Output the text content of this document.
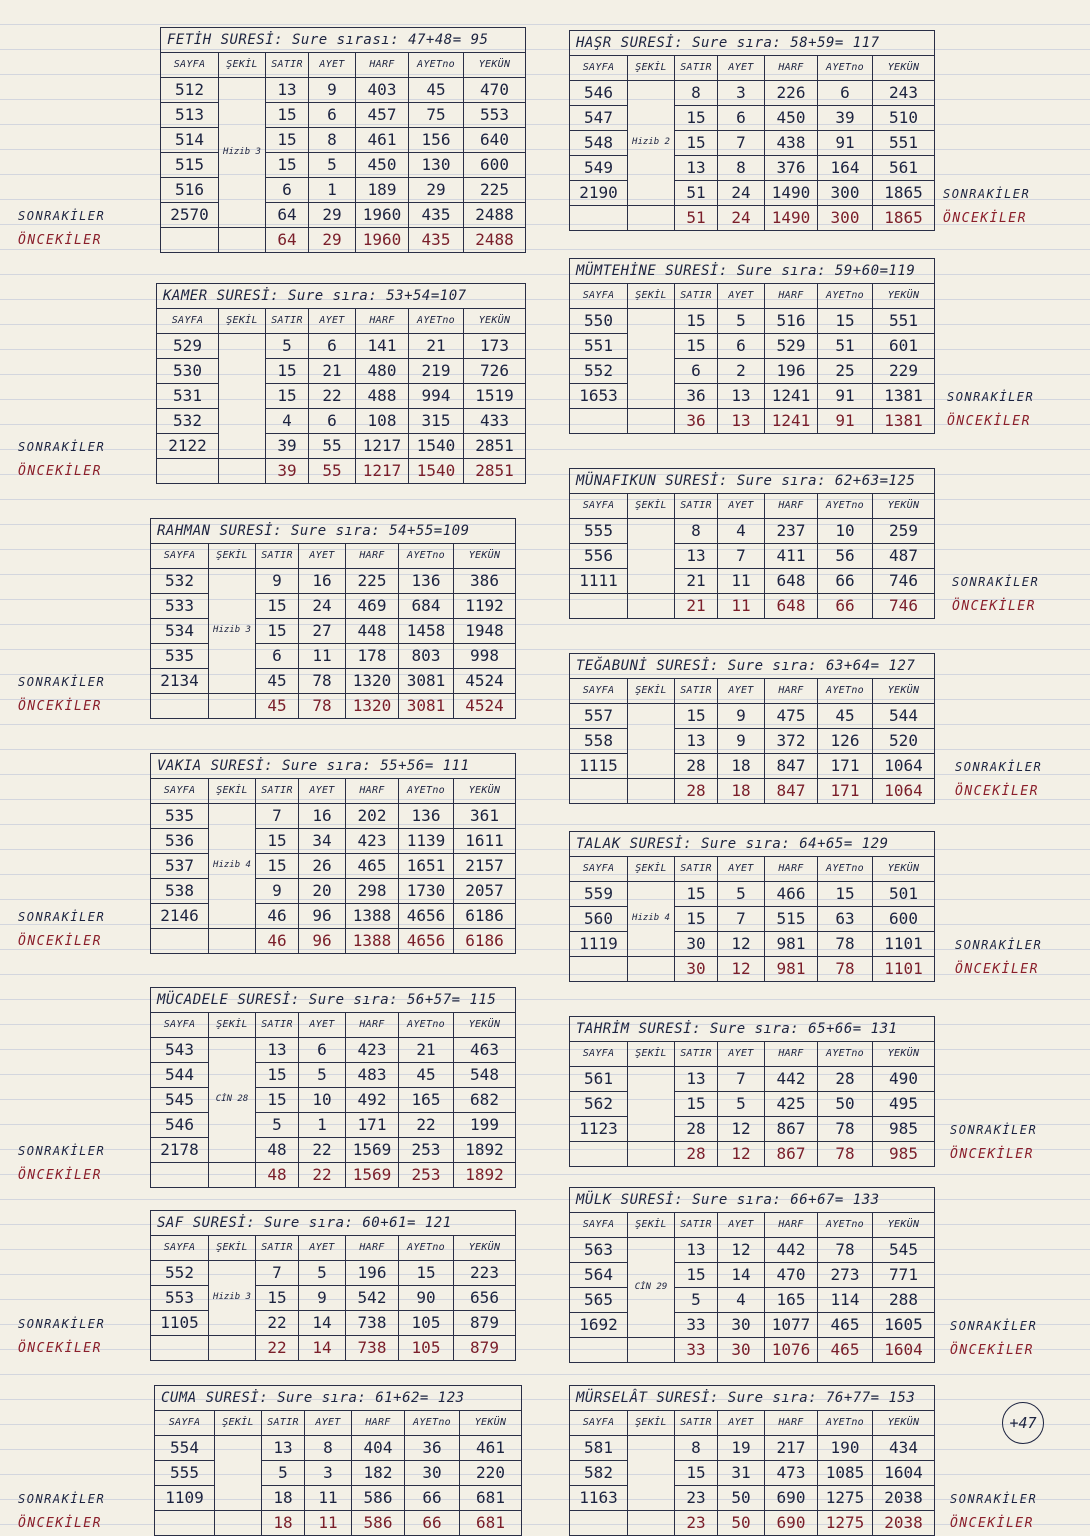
FETİH SURESİ: Sure sırası: 47+48= 95						
SAYFA	ŞEKİL	SATIR	AYET	HARF	AYETno	YEKÜN
512	Hizib 3	13	9	403	45	470
513		15	6	457	75	553
514		15	8	461	156	640
515		15	5	450	130	600
516		6	1	189	29	225
2570		64	29	1960	435	2488
		64	29	1960	435	2488
SONRAKİLER
ÖNCEKİLER
KAMER SURESİ: Sure sıra: 53+54=107						
SAYFA	ŞEKİL	SATIR	AYET	HARF	AYETno	YEKÜN
529		5	6	141	21	173
530		15	21	480	219	726
531		15	22	488	994	1519
532		4	6	108	315	433
2122		39	55	1217	1540	2851
		39	55	1217	1540	2851
SONRAKİLER
ÖNCEKİLER
RAHMAN SURESİ: Sure sıra: 54+55=109						
SAYFA	ŞEKİL	SATIR	AYET	HARF	AYETno	YEKÜN
532	Hizib 3	9	16	225	136	386
533		15	24	469	684	1192
534		15	27	448	1458	1948
535		6	11	178	803	998
2134		45	78	1320	3081	4524
		45	78	1320	3081	4524
SONRAKİLER
ÖNCEKİLER
VAKIA SURESİ: Sure sıra: 55+56= 111						
SAYFA	ŞEKİL	SATIR	AYET	HARF	AYETno	YEKÜN
535	Hizib 4	7	16	202	136	361
536		15	34	423	1139	1611
537		15	26	465	1651	2157
538		9	20	298	1730	2057
2146		46	96	1388	4656	6186
		46	96	1388	4656	6186
SONRAKİLER
ÖNCEKİLER
MÜCADELE SURESİ: Sure sıra: 56+57= 115						
SAYFA	ŞEKİL	SATIR	AYET	HARF	AYETno	YEKÜN
543	CİN 28	13	6	423	21	463
544		15	5	483	45	548
545		15	10	492	165	682
546		5	1	171	22	199
2178		48	22	1569	253	1892
		48	22	1569	253	1892
SONRAKİLER
ÖNCEKİLER
SAF SURESİ: Sure sıra: 60+61= 121						
SAYFA	ŞEKİL	SATIR	AYET	HARF	AYETno	YEKÜN
552	Hizib 3	7	5	196	15	223
553		15	9	542	90	656
1105		22	14	738	105	879
		22	14	738	105	879
SONRAKİLER
ÖNCEKİLER
CUMA SURESİ: Sure sıra: 61+62= 123						
SAYFA	ŞEKİL	SATIR	AYET	HARF	AYETno	YEKÜN
554		13	8	404	36	461
555		5	3	182	30	220
1109		18	11	586	66	681
		18	11	586	66	681
SONRAKİLER
ÖNCEKİLER
HAŞR SURESİ: Sure sıra: 58+59= 117						
SAYFA	ŞEKİL	SATIR	AYET	HARF	AYETno	YEKÜN
546	Hizib 2	8	3	226	6	243
547		15	6	450	39	510
548		15	7	438	91	551
549		13	8	376	164	561
2190		51	24	1490	300	1865
		51	24	1490	300	1865
SONRAKİLER
ÖNCEKİLER
MÜMTEHİNE SURESİ: Sure sıra: 59+60=119						
SAYFA	ŞEKİL	SATIR	AYET	HARF	AYETno	YEKÜN
550		15	5	516	15	551
551		15	6	529	51	601
552		6	2	196	25	229
1653		36	13	1241	91	1381
		36	13	1241	91	1381
SONRAKİLER
ÖNCEKİLER
MÜNAFIKUN SURESİ: Sure sıra: 62+63=125						
SAYFA	ŞEKİL	SATIR	AYET	HARF	AYETno	YEKÜN
555		8	4	237	10	259
556		13	7	411	56	487
1111		21	11	648	66	746
		21	11	648	66	746
SONRAKİLER
ÖNCEKİLER
TEĞABUNİ SURESİ: Sure sıra: 63+64= 127						
SAYFA	ŞEKİL	SATIR	AYET	HARF	AYETno	YEKÜN
557		15	9	475	45	544
558		13	9	372	126	520
1115		28	18	847	171	1064
		28	18	847	171	1064
SONRAKİLER
ÖNCEKİLER
TALAK SURESİ: Sure sıra: 64+65= 129						
SAYFA	ŞEKİL	SATIR	AYET	HARF	AYETno	YEKÜN
559	Hizib 4	15	5	466	15	501
560		15	7	515	63	600
1119		30	12	981	78	1101
		30	12	981	78	1101
SONRAKİLER
ÖNCEKİLER
TAHRİM SURESİ: Sure sıra: 65+66= 131						
SAYFA	ŞEKİL	SATIR	AYET	HARF	AYETno	YEKÜN
561		13	7	442	28	490
562		15	5	425	50	495
1123		28	12	867	78	985
		28	12	867	78	985
SONRAKİLER
ÖNCEKİLER
MÜLK SURESİ: Sure sıra: 66+67= 133						
SAYFA	ŞEKİL	SATIR	AYET	HARF	AYETno	YEKÜN
563	CİN 29	13	12	442	78	545
564		15	14	470	273	771
565		5	4	165	114	288
1692		33	30	1077	465	1605
		33	30	1076	465	1604
SONRAKİLER
ÖNCEKİLER
MÜRSELÂT SURESİ: Sure sıra: 76+77= 153						
SAYFA	ŞEKİL	SATIR	AYET	HARF	AYETno	YEKÜN
581		8	19	217	190	434
582		15	31	473	1085	1604
1163		23	50	690	1275	2038
		23	50	690	1275	2038
SONRAKİLER
ÖNCEKİLER
+47
